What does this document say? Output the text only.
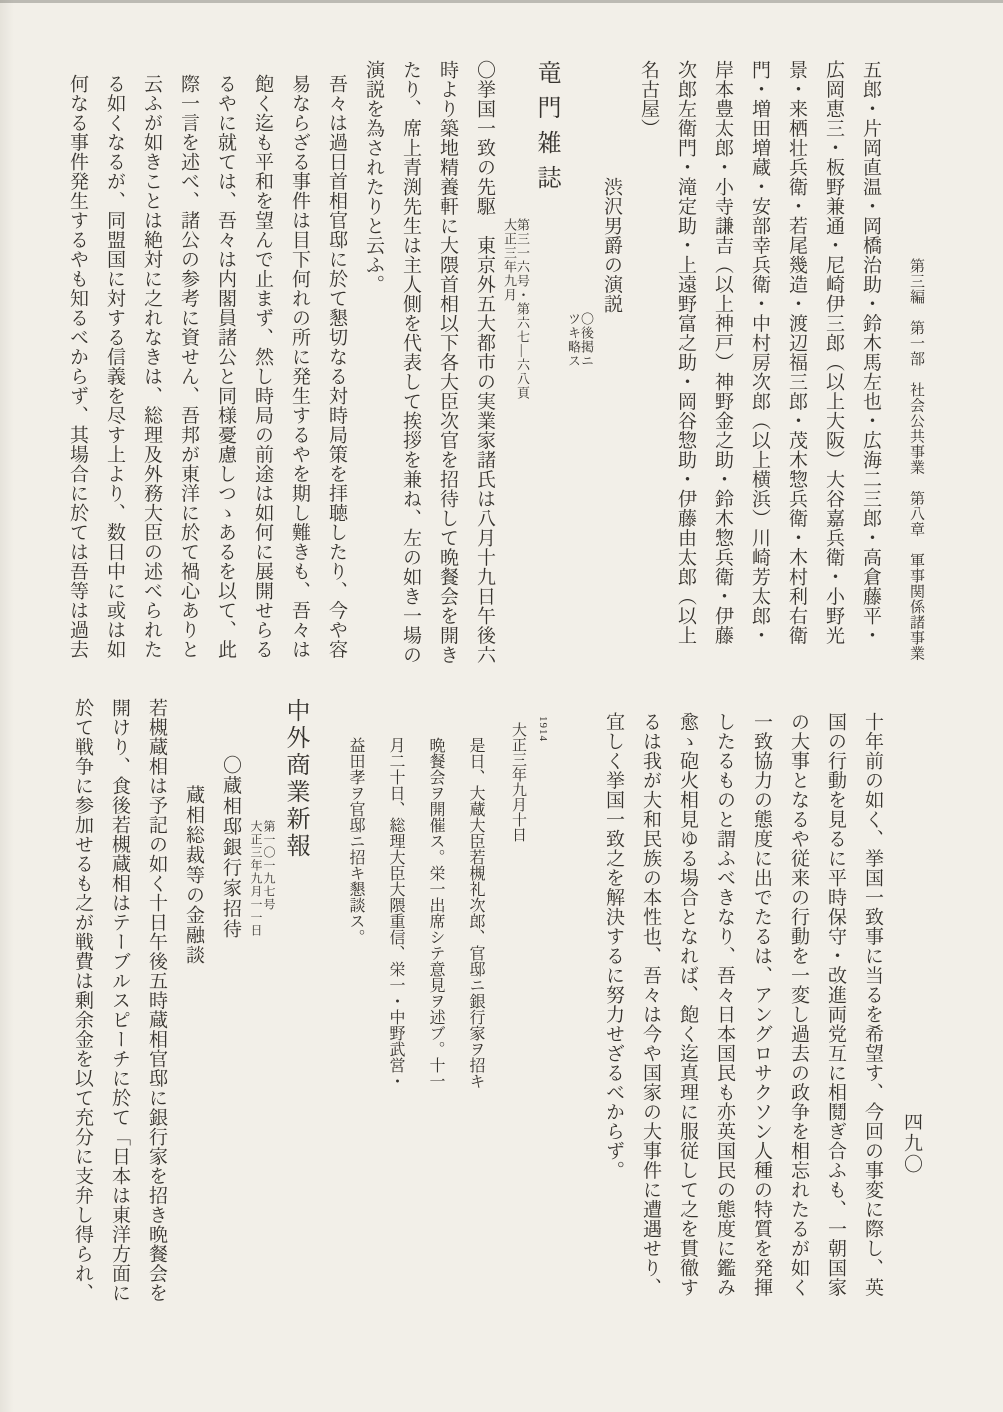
第三編　第一部　社会公共事業　第八章　軍事関係諸事業
四九〇
五郎・片岡直温・岡橋治助・鈴木馬左也・広海二三郎・高倉藤平・
広岡恵三・板野兼通・尼崎伊三郎（以上大阪）大谷嘉兵衛・小野光
景・来栖壮兵衛・若尾幾造・渡辺福三郎・茂木惣兵衛・木村利右衛
門・増田増蔵・安部幸兵衛・中村房次郎（以上横浜）川崎芳太郎・
岸本豊太郎・小寺謙吉（以上神戸）神野金之助・鈴木惣兵衛・伊藤
次郎左衛門・滝定助・上遠野富之助・岡谷惣助・伊藤由太郎（以上
名古屋）
渋沢男爵の演説
〇後掲ニ
ツキ略ス
竜門雑誌
第三一六号・第六七—六八頁
大正三年九月
〇挙国一致の先駆　東京外五大都市の実業家諸氏は八月十九日午後六
時より築地精養軒に大隈首相以下各大臣次官を招待して晩餐会を開き
たり、席上青渕先生は主人側を代表して挨拶を兼ね、左の如き一場の
演説を為されたりと云ふ。
吾々は過日首相官邸に於て懇切なる対時局策を拝聴したり、今や容
易ならざる事件は目下何れの所に発生するやを期し難きも、吾々は
飽く迄も平和を望んで止まず、然し時局の前途は如何に展開せらる
るやに就ては、吾々は内閣員諸公と同様憂慮しつゝあるを以て、此
際一言を述べ、諸公の参考に資せん、吾邦が東洋に於て禍心ありと
云ふが如きことは絶対に之れなきは、総理及外務大臣の述べられた
る如くなるが、同盟国に対する信義を尽す上より、数日中に或は如
何なる事件発生するやも知るべからず、其場合に於ては吾等は過去
十年前の如く、挙国一致事に当るを希望す、今回の事変に際し、英
国の行動を見るに平時保守・改進両党互に相鬩ぎ合ふも、一朝国家
の大事となるや従来の行動を一変し過去の政争を相忘れたるが如く
一致協力の態度に出でたるは、アングロサクソン人種の特質を発揮
したるものと謂ふべきなり、吾々日本国民も亦英国民の態度に鑑み
愈ゝ砲火相見ゆる場合となれば、飽く迄真理に服従して之を貫徹す
るは我が大和民族の本性也、吾々は今や国家の大事件に遭遇せり、
宜しく挙国一致之を解決するに努力せざるべからず。
1914
大正三年九月十日
是日、大蔵大臣若槻礼次郎、官邸ニ銀行家ヲ招キ
晩餐会ヲ開催ス。栄一出席シテ意見ヲ述ブ。十一
月二十日、総理大臣大隈重信、栄一・中野武営・
益田孝ヲ官邸ニ招キ懇談ス。
中外商業新報
第一〇一九七号
大正三年九月一一日
〇蔵相邸銀行家招待
蔵相総裁等の金融談
若槻蔵相は予記の如く十日午後五時蔵相官邸に銀行家を招き晩餐会を
開けり、食後若槻蔵相はテーブルスピーチに於て「日本は東洋方面に
於て戦争に参加せるも之が戦費は剰余金を以て充分に支弁し得られ、
